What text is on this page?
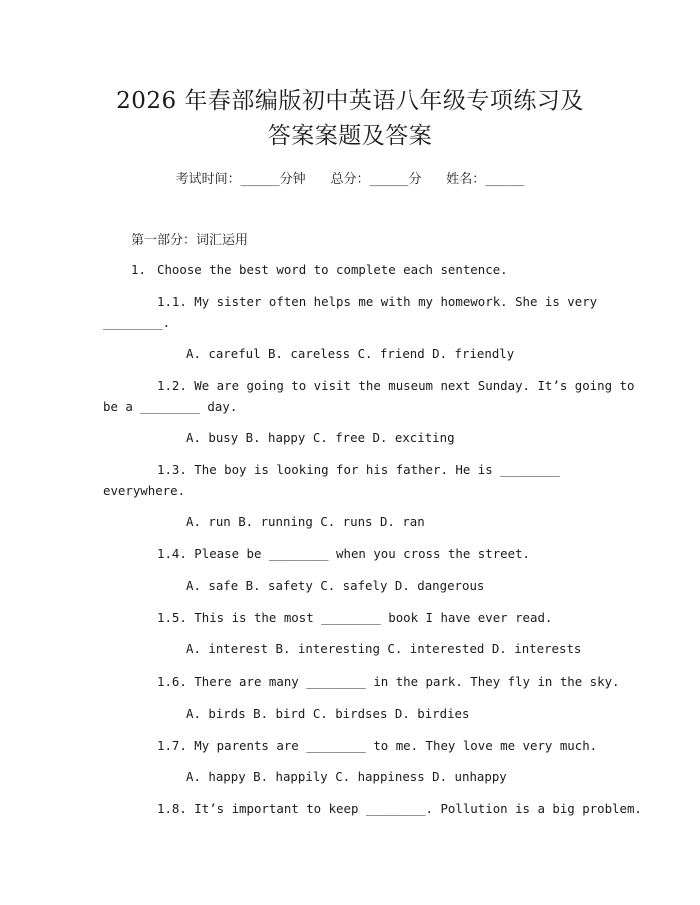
2026 年春部编版初中英语八年级专项练习及
答案案题及答案
考试时间：______分钟 总分：______分 姓名：______
第一部分：词汇运用
1. Choose the best word to complete each sentence.
1.1. My sister often helps me with my homework. She is very
________.
A. careful B. careless C. friend D. friendly
1.2. We are going to visit the museum next Sunday. It’s going to
be a ________ day.
A. busy B. happy C. free D. exciting
1.3. The boy is looking for his father. He is ________
everywhere.
A. run B. running C. runs D. ran
1.4. Please be ________ when you cross the street.
A. safe B. safety C. safely D. dangerous
1.5. This is the most ________ book I have ever read.
A. interest B. interesting C. interested D. interests
1.6. There are many ________ in the park. They fly in the sky.
A. birds B. bird C. birdses D. birdies
1.7. My parents are ________ to me. They love me very much.
A. happy B. happily C. happiness D. unhappy
1.8. It’s important to keep ________. Pollution is a big problem.
